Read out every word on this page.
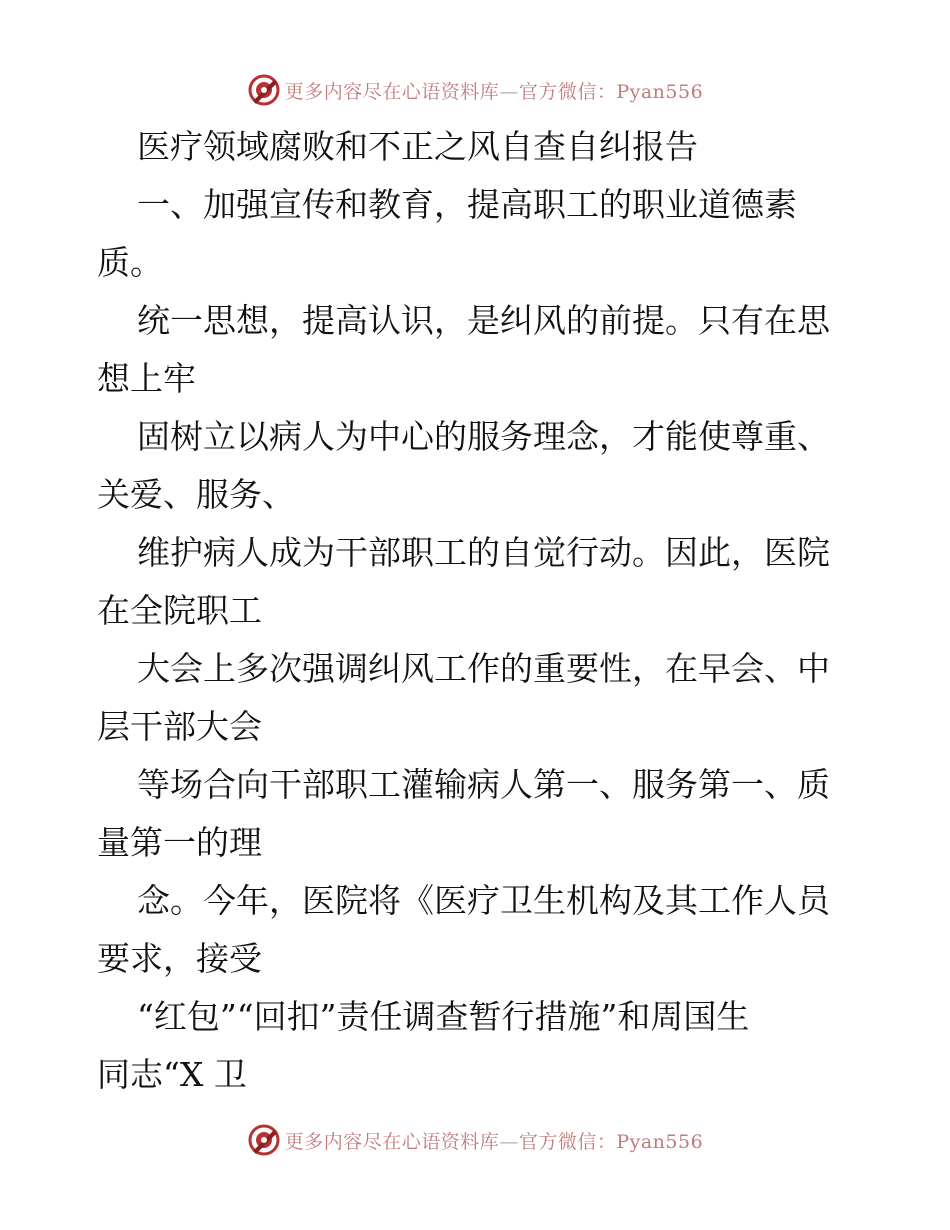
更多内容尽在心语资料库—官方微信：Pyan556
医疗领域腐败和不正之风自查自纠报告
一、加强宣传和教育，提高职工的职业道德素
质。
统一思想，提高认识，是纠风的前提。只有在思
想上牢
固树立以病人为中心的服务理念，才能使尊重、
关爱、服务、
维护病人成为干部职工的自觉行动。因此，医院
在全院职工
大会上多次强调纠风工作的重要性，在早会、中
层干部大会
等场合向干部职工灌输病人第一、服务第一、质
量第一的理
念。今年，医院将《医疗卫生机构及其工作人员
要求，接受
“红包”“回扣”责任调查暂行措施”和周国生
同志“X 卫
更多内容尽在心语资料库—官方微信：Pyan556
